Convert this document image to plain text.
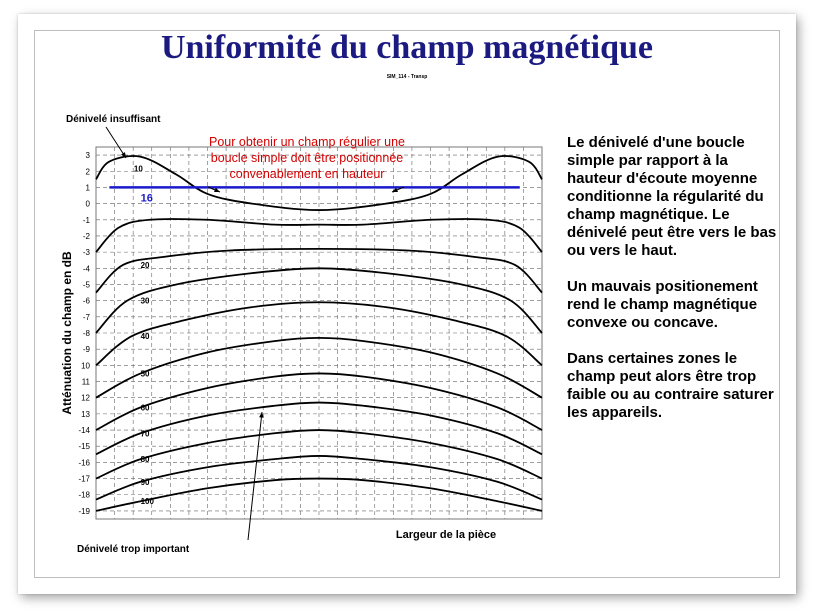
Uniformité du champ magnétique
SIM_114 - Transp
3
2
1
0
-1
-2
-3
-4
-5
-6
-7
-8
-9
10
11
12
13
-14
-15
-16
-17
-18
-19
10
20
30
40
50
60
70
80
90
100
16
Atténuation du champ en dB
Largeur de la pièce
Dénivelé insuffisant
Dénivelé trop important
Pour obtenir un champ régulier une
boucle simple doit être positionnée
convenablement en hauteur

Le dénivelé d'une boucle simple par rapport à la hauteur d'écoute moyenne conditionne la régularité du champ magnétique. Le dénivelé peut être vers le bas ou vers le haut.

Un mauvais positionement rend le champ magnétique convexe ou concave.

Dans certaines zones le champ peut alors être trop faible ou au contraire saturer les appareils.
